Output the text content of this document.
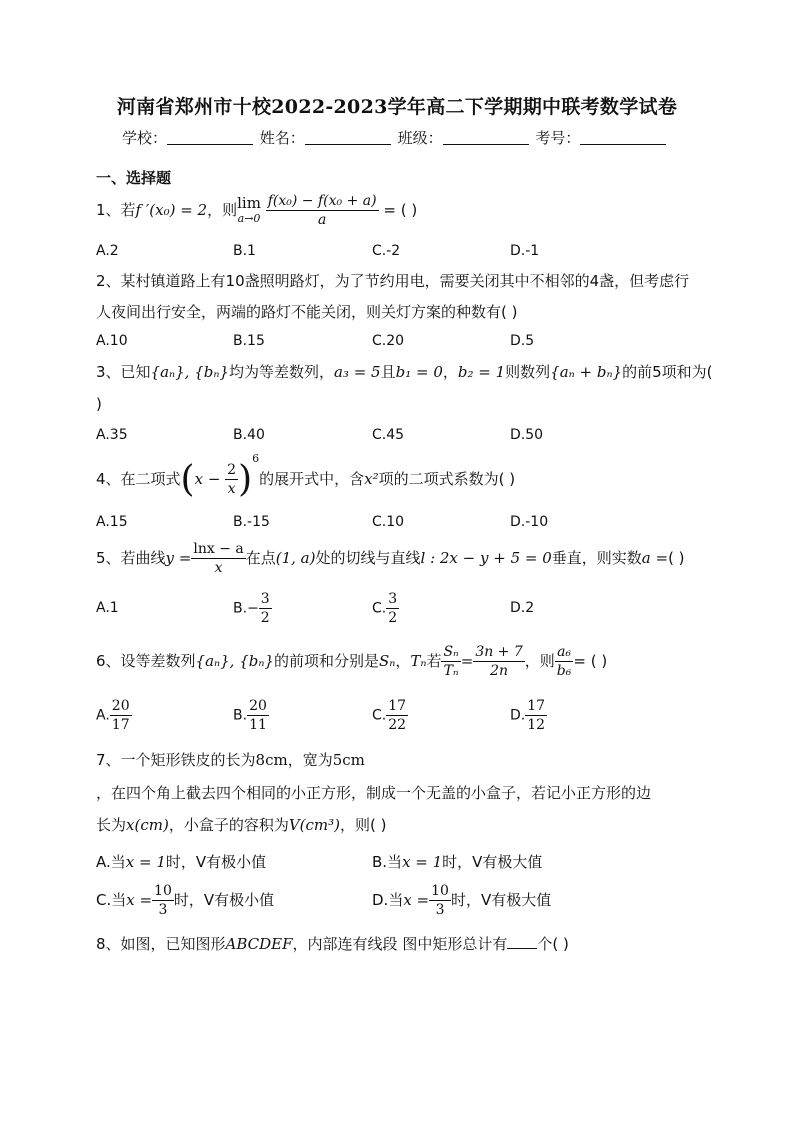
河南省郑州市十校2022-2023学年高二下学期期中联考数学试卷
学校：	姓名：	班级：	考号：
一、选择题
1、若f ′(x₀) = 2，则lim
$a\to 0 \frac{\text{f(x₀) − f(x₀ + a)}}{a}$ = ( )
A.2	B.1	C.-2	D.-1
2、某村镇道路上有10盏照明路灯，为了节约用电，需要关闭其中不相邻的4盏，但考虑行人夜间出行安全，两端的路灯不能关闭，则关灯方案的种数有( )
A.10	B.15	C.20	D.5
3、已知{aₙ}, {bₙ}均为等差数列，a₃ = 5且b₁ = 0，b₂ = 1则数列{aₙ + bₙ}的前5项和为(
)
A.35	B.40	C.45	D.50
4、在二项式$(x - \frac{2}{x} )^6$的展开式中，含x²项的二项式系数为( )
A.15	B.-15	C.10	D.-10
5、若曲线$y = \frac{\ln x - a}{x}$ 在点(1, a)处的切线与直线l : 2x − y + 5 = 0垂直，则实数a =( )
A.1	$B.- \frac{3}{2}$	C. $\frac{3}{2}$	D.2
6、设等差数列{aₙ}, {bₙ}的前项和分别是Sₙ，Tₙ若 $\frac{\text{Sₙ}}{\text{Tₙ}} = \frac{3n + 7}{2n}$ ，则 $\frac{\text{a₆}}{\text{b₆}}$ = ( )
A. $\frac{20}{17}$	B. $\frac{20}{11}$	C. $\frac{17}{22}$	D. $\frac{17}{12}$
7、一个矩形铁皮的长为8cm，宽为5cm
，在四个角上截去四个相同的小正方形，制成一个无盖的小盒子，若记小正方形的边
长为x(cm)，小盒子的容积为V(cm³)，则( )
A.当x = 1时，V有极小值	B.当x = 1时，V有极大值
C.当$x = \frac{10}{3}$ 时，V有极小值	D.当$x = \frac{10}{3}$ 时，V有极大值
8、如图，已知图形ABCDEF，内部连有线段 图中矩形总计有 个( )
